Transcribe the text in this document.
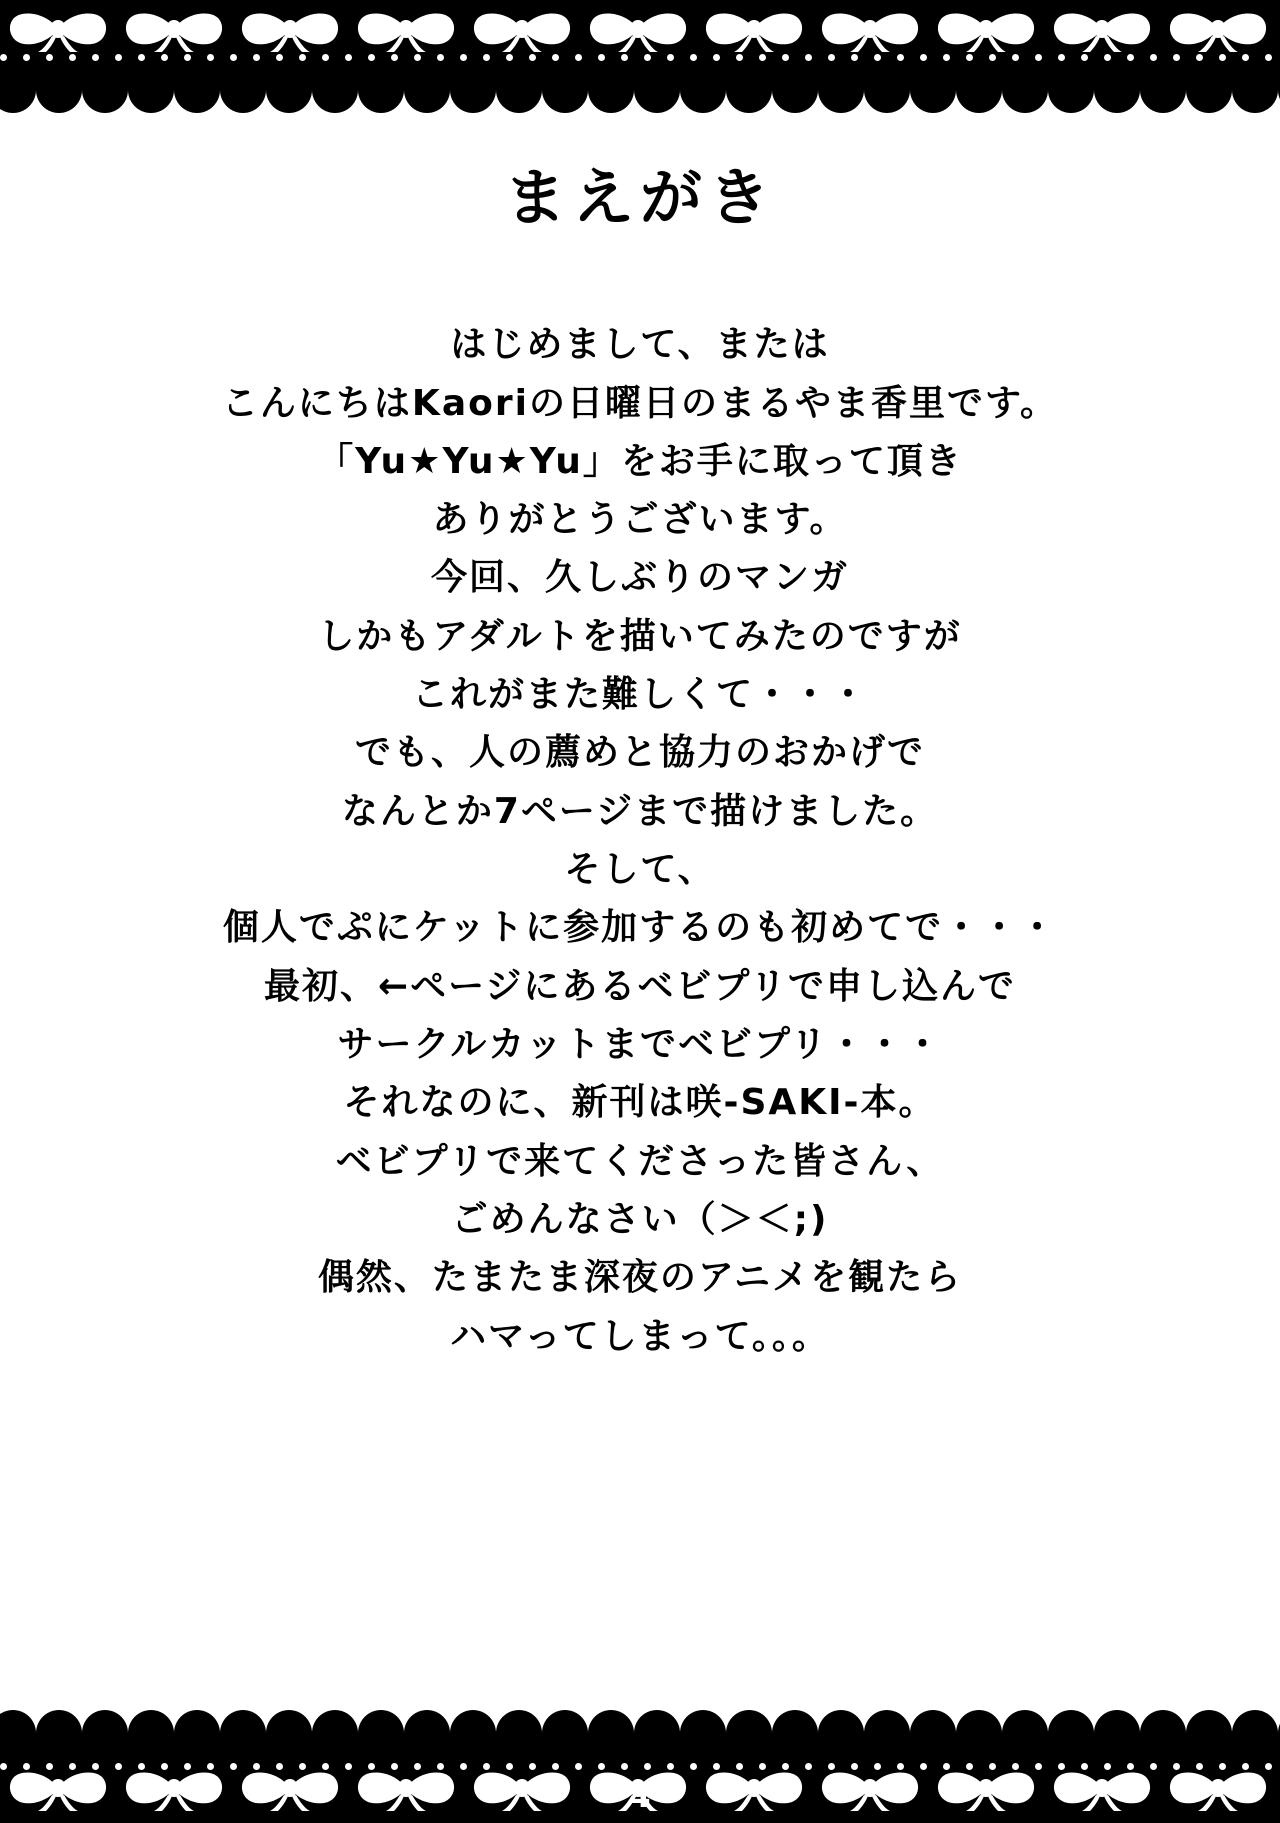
まえがき
はじめまして、または
こんにちはKaoriの日曜日のまるやま香里です。
「Yu★Yu★Yu」をお手に取って頂き
ありがとうございます。
今回、久しぶりのマンガ
しかもアダルトを描いてみたのですが
これがまた難しくて・・・
でも、人の薦めと協力のおかげで
なんとか7ページまで描けました。
そして、
個人でぷにケットに参加するのも初めてで・・・
最初、←ページにあるベビプリで申し込んで
サークルカットまでベビプリ・・・
それなのに、新刊は咲-SAKI-本。
ベビプリで来てくださった皆さん、
ごめんなさい（＞＜;)
偶然、たまたま深夜のアニメを観たら
ハマってしまって。。。
4
